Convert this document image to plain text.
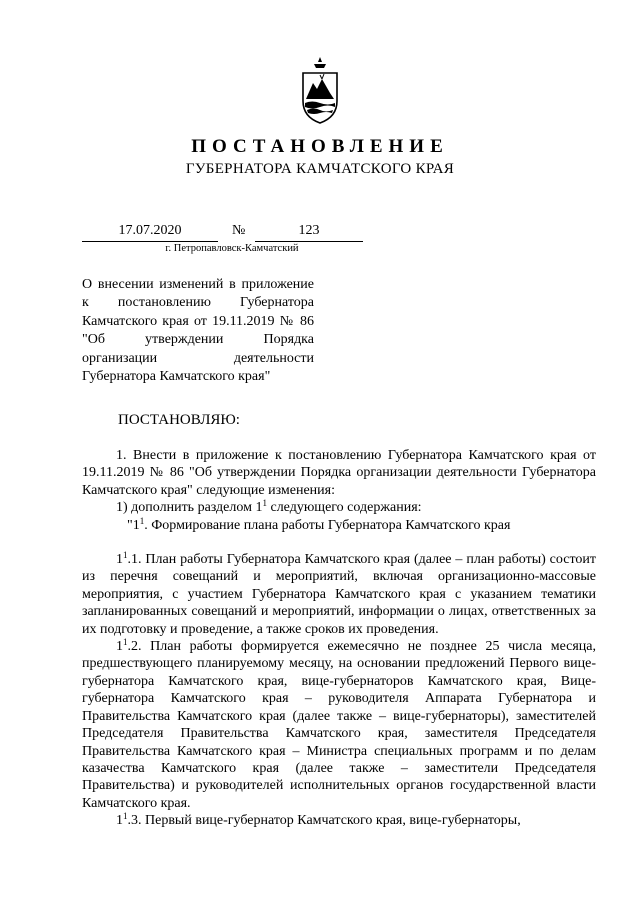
ПОСТАНОВЛЕНИЕ
ГУБЕРНАТОРА КАМЧАТСКОГО КРАЯ
17.07.2020	№	123
г. Петропавловск-Камчатский
О внесении изменений в приложение к постановлению Губернатора Камчатского края от 19.11.2019 № 86 "Об утверждении Порядка организации деятельности Губернатора Камчатского края"
ПОСТАНОВЛЯЮ:

1. Внести в приложение к постановлению Губернатора Камчатского края от 19.11.2019 № 86 "Об утверждении Порядка организации деятельности Губернатора Камчатского края" следующие изменения:

1) дополнить разделом $1^1$ следующего содержания:

"$1^1$. Формирование плана работы Губернатора Камчатского края

$1^1.1$. План работы Губернатора Камчатского края (далее – план работы) состоит из перечня совещаний и мероприятий, включая организационно-массовые мероприятия, с участием Губернатора Камчатского края с указанием тематики запланированных совещаний и мероприятий, информации о лицах, ответственных за их подготовку и проведение, а также сроков их проведения.

$1^1.2$. План работы формируется ежемесячно не позднее 25 числа месяца, предшествующего планируемому месяцу, на основании предложений Первого вице-губернатора Камчатского края, вице-губернаторов Камчатского края, Вице-губернатора Камчатского края – руководителя Аппарата Губернатора и Правительства Камчатского края (далее также – вице-губернаторы), заместителей Председателя Правительства Камчатского края, заместителя Председателя Правительства Камчатского края – Министра специальных программ и по делам казачества Камчатского края (далее также – заместители Председателя Правительства) и руководителей исполнительных органов государственной власти Камчатского края.

$1^1.3$. Первый вице-губернатор Камчатского края, вице-губернаторы,
